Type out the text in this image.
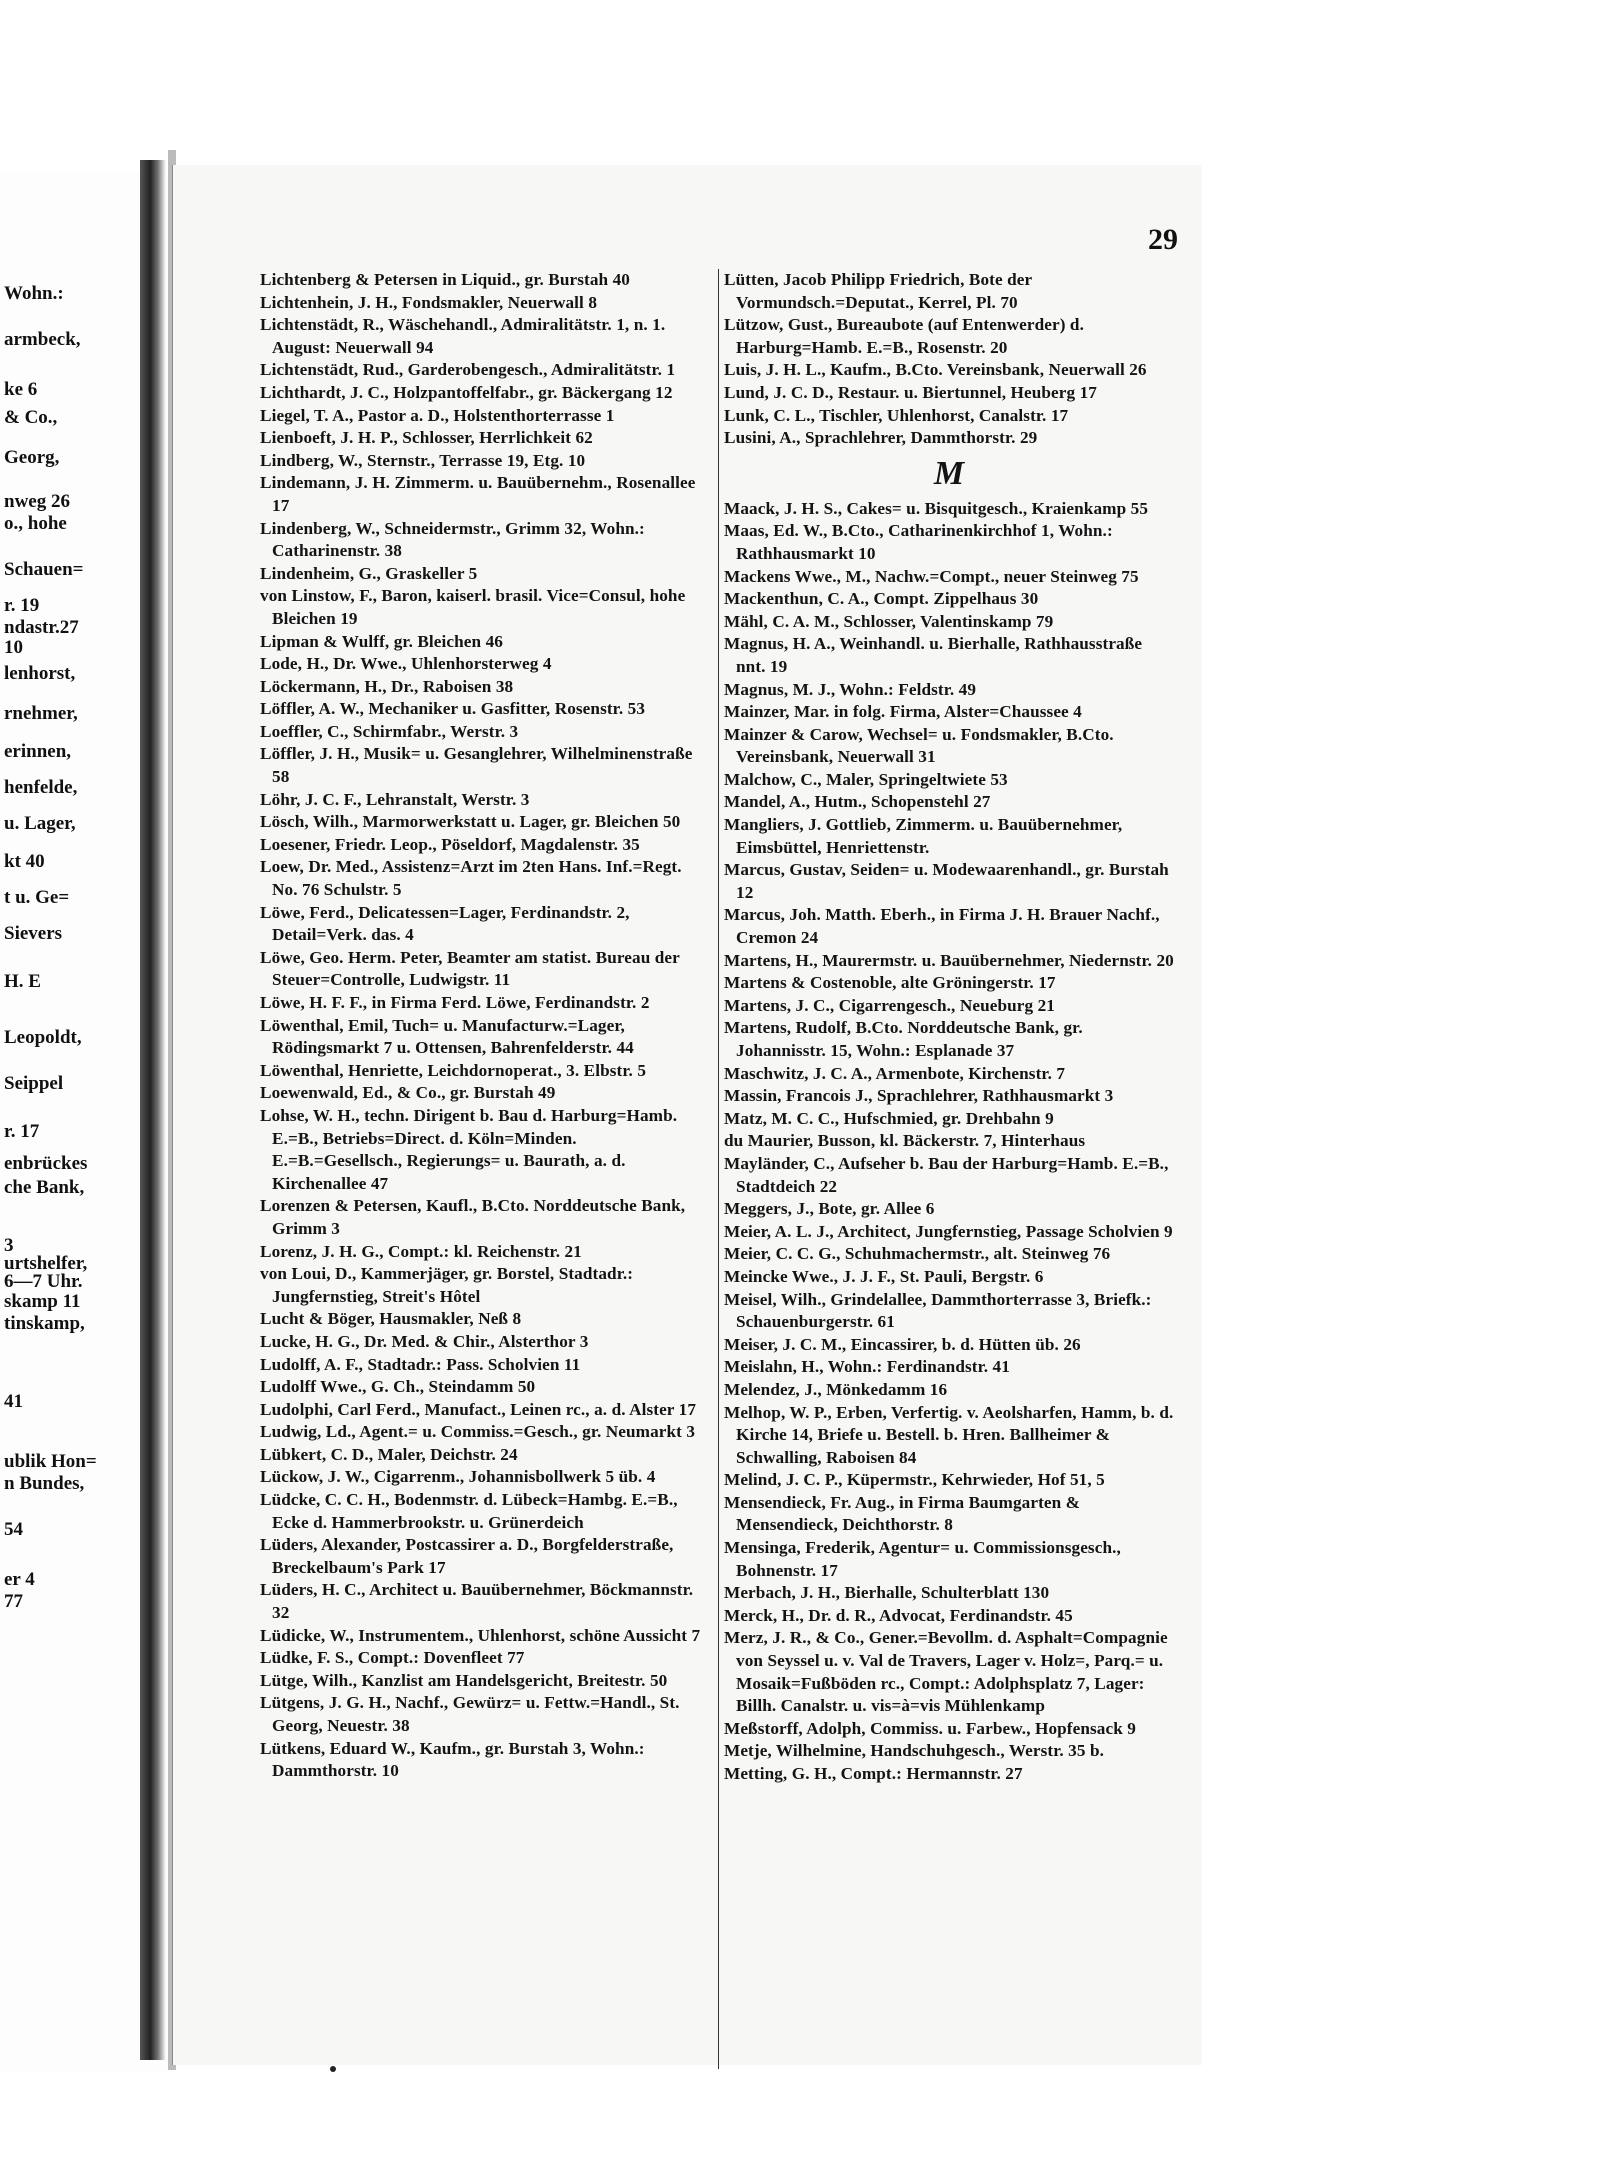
Wohn.:
armbeck,
ke 6
& Co.,
Georg,
nweg 26
o., hohe
Schauen=
r. 19
ndastr.27
10
lenhorst,
rnehmer,
erinnen,
henfelde,
u. Lager,
kt 40
t u. Ge=
Sievers
H. E
Leopoldt,
Seippel
r. 17
enbrückes
che Bank,
3
urtshelfer,
6—7 Uhr.
skamp 11
tinskamp,
41
ublik Hon=
n Bundes,
54
er 4
77
29
Lichtenberg & Petersen in Liquid., gr. Burstah 40
Lichtenhein, J. H., Fondsmakler, Neuerwall 8
Lichtenstädt, R., Wäschehandl., Admiralitätstr. 1, n. 1. August: Neuerwall 94
Lichtenstädt, Rud., Garderobengesch., Admiralitätstr. 1
Lichthardt, J. C., Holzpantoffelfabr., gr. Bäckergang 12
Liegel, T. A., Pastor a. D., Holstenthorterrasse 1
Lienboeft, J. H. P., Schlosser, Herrlichkeit 62
Lindberg, W., Sternstr., Terrasse 19, Etg. 10
Lindemann, J. H. Zimmerm. u. Bauübernehm., Rosenallee 17
Lindenberg, W., Schneidermstr., Grimm 32, Wohn.: Catharinenstr. 38
Lindenheim, G., Graskeller 5
von Linstow, F., Baron, kaiserl. brasil. Vice=Consul, hohe Bleichen 19
Lipman & Wulff, gr. Bleichen 46
Lode, H., Dr. Wwe., Uhlenhorsterweg 4
Löckermann, H., Dr., Raboisen 38
Löffler, A. W., Mechaniker u. Gasfitter, Rosenstr. 53
Loeffler, C., Schirmfabr., Werstr. 3
Löffler, J. H., Musik= u. Gesanglehrer, Wilhelminenstraße 58
Löhr, J. C. F., Lehranstalt, Werstr. 3
Lösch, Wilh., Marmorwerkstatt u. Lager, gr. Bleichen 50
Loesener, Friedr. Leop., Pöseldorf, Magdalenstr. 35
Loew, Dr. Med., Assistenz=Arzt im 2ten Hans. Inf.=Regt. No. 76 Schulstr. 5
Löwe, Ferd., Delicatessen=Lager, Ferdinandstr. 2, Detail=Verk. das. 4
Löwe, Geo. Herm. Peter, Beamter am statist. Bureau der Steuer=Controlle, Ludwigstr. 11
Löwe, H. F. F., in Firma Ferd. Löwe, Ferdinandstr. 2
Löwenthal, Emil, Tuch= u. Manufacturw.=Lager, Rödingsmarkt 7 u. Ottensen, Bahrenfelderstr. 44
Löwenthal, Henriette, Leichdornoperat., 3. Elbstr. 5
Loewenwald, Ed., & Co., gr. Burstah 49
Lohse, W. H., techn. Dirigent b. Bau d. Harburg=Hamb. E.=B., Betriebs=Direct. d. Köln=Minden. E.=B.=Gesellsch., Regierungs= u. Baurath, a. d. Kirchenallee 47
Lorenzen & Petersen, Kaufl., B.Cto. Norddeutsche Bank, Grimm 3
Lorenz, J. H. G., Compt.: kl. Reichenstr. 21
von Loui, D., Kammerjäger, gr. Borstel, Stadtadr.: Jungfernstieg, Streit's Hôtel
Lucht & Böger, Hausmakler, Neß 8
Lucke, H. G., Dr. Med. & Chir., Alsterthor 3
Ludolff, A. F., Stadtadr.: Pass. Scholvien 11
Ludolff Wwe., G. Ch., Steindamm 50
Ludolphi, Carl Ferd., Manufact., Leinen rc., a. d. Alster 17
Ludwig, Ld., Agent.= u. Commiss.=Gesch., gr. Neumarkt 3
Lübkert, C. D., Maler, Deichstr. 24
Lückow, J. W., Cigarrenm., Johannisbollwerk 5 üb. 4
Lüdcke, C. C. H., Bodenmstr. d. Lübeck=Hambg. E.=B., Ecke d. Hammerbrookstr. u. Grünerdeich
Lüders, Alexander, Postcassirer a. D., Borgfelderstraße, Breckelbaum's Park 17
Lüders, H. C., Architect u. Bauübernehmer, Böckmannstr. 32
Lüdicke, W., Instrumentem., Uhlenhorst, schöne Aussicht 7
Lüdke, F. S., Compt.: Dovenfleet 77
Lütge, Wilh., Kanzlist am Handelsgericht, Breitestr. 50
Lütgens, J. G. H., Nachf., Gewürz= u. Fettw.=Handl., St. Georg, Neuestr. 38
Lütkens, Eduard W., Kaufm., gr. Burstah 3, Wohn.: Dammthorstr. 10
Lütten, Jacob Philipp Friedrich, Bote der Vormundsch.=Deputat., Kerrel, Pl. 70
Lützow, Gust., Bureaubote (auf Entenwerder) d. Harburg=Hamb. E.=B., Rosenstr. 20
Luis, J. H. L., Kaufm., B.Cto. Vereinsbank, Neuerwall 26
Lund, J. C. D., Restaur. u. Biertunnel, Heuberg 17
Lunk, C. L., Tischler, Uhlenhorst, Canalstr. 17
Lusini, A., Sprachlehrer, Dammthorstr. 29
M
Maack, J. H. S., Cakes= u. Bisquitgesch., Kraienkamp 55
Maas, Ed. W., B.Cto., Catharinenkirchhof 1, Wohn.: Rathhausmarkt 10
Mackens Wwe., M., Nachw.=Compt., neuer Steinweg 75
Mackenthun, C. A., Compt. Zippelhaus 30
Mähl, C. A. M., Schlosser, Valentinskamp 79
Magnus, H. A., Weinhandl. u. Bierhalle, Rathhausstraße nnt. 19
Magnus, M. J., Wohn.: Feldstr. 49
Mainzer, Mar. in folg. Firma, Alster=Chaussee 4
Mainzer & Carow, Wechsel= u. Fondsmakler, B.Cto. Vereinsbank, Neuerwall 31
Malchow, C., Maler, Springeltwiete 53
Mandel, A., Hutm., Schopenstehl 27
Mangliers, J. Gottlieb, Zimmerm. u. Bauübernehmer, Eimsbüttel, Henriettenstr.
Marcus, Gustav, Seiden= u. Modewaarenhandl., gr. Burstah 12
Marcus, Joh. Matth. Eberh., in Firma J. H. Brauer Nachf., Cremon 24
Martens, H., Maurermstr. u. Bauübernehmer, Niedernstr. 20
Martens & Costenoble, alte Gröningerstr. 17
Martens, J. C., Cigarrengesch., Neueburg 21
Martens, Rudolf, B.Cto. Norddeutsche Bank, gr. Johannisstr. 15, Wohn.: Esplanade 37
Maschwitz, J. C. A., Armenbote, Kirchenstr. 7
Massin, Francois J., Sprachlehrer, Rathhausmarkt 3
Matz, M. C. C., Hufschmied, gr. Drehbahn 9
du Maurier, Busson, kl. Bäckerstr. 7, Hinterhaus
Mayländer, C., Aufseher b. Bau der Harburg=Hamb. E.=B., Stadtdeich 22
Meggers, J., Bote, gr. Allee 6
Meier, A. L. J., Architect, Jungfernstieg, Passage Scholvien 9
Meier, C. C. G., Schuhmachermstr., alt. Steinweg 76
Meincke Wwe., J. J. F., St. Pauli, Bergstr. 6
Meisel, Wilh., Grindelallee, Dammthorterrasse 3, Briefk.: Schauenburgerstr. 61
Meiser, J. C. M., Eincassirer, b. d. Hütten üb. 26
Meislahn, H., Wohn.: Ferdinandstr. 41
Melendez, J., Mönkedamm 16
Melhop, W. P., Erben, Verfertig. v. Aeolsharfen, Hamm, b. d. Kirche 14, Briefe u. Bestell. b. Hren. Ballheimer & Schwalling, Raboisen 84
Melind, J. C. P., Küpermstr., Kehrwieder, Hof 51, 5
Mensendieck, Fr. Aug., in Firma Baumgarten & Mensendieck, Deichthorstr. 8
Mensinga, Frederik, Agentur= u. Commissionsgesch., Bohnenstr. 17
Merbach, J. H., Bierhalle, Schulterblatt 130
Merck, H., Dr. d. R., Advocat, Ferdinandstr. 45
Merz, J. R., & Co., Gener.=Bevollm. d. Asphalt=Compagnie von Seyssel u. v. Val de Travers, Lager v. Holz=, Parq.= u. Mosaik=Fußböden rc., Compt.: Adolphsplatz 7, Lager: Billh. Canalstr. u. vis=à=vis Mühlenkamp
Meßstorff, Adolph, Commiss. u. Farbew., Hopfensack 9
Metje, Wilhelmine, Handschuhgesch., Werstr. 35 b.
Metting, G. H., Compt.: Hermannstr. 27
